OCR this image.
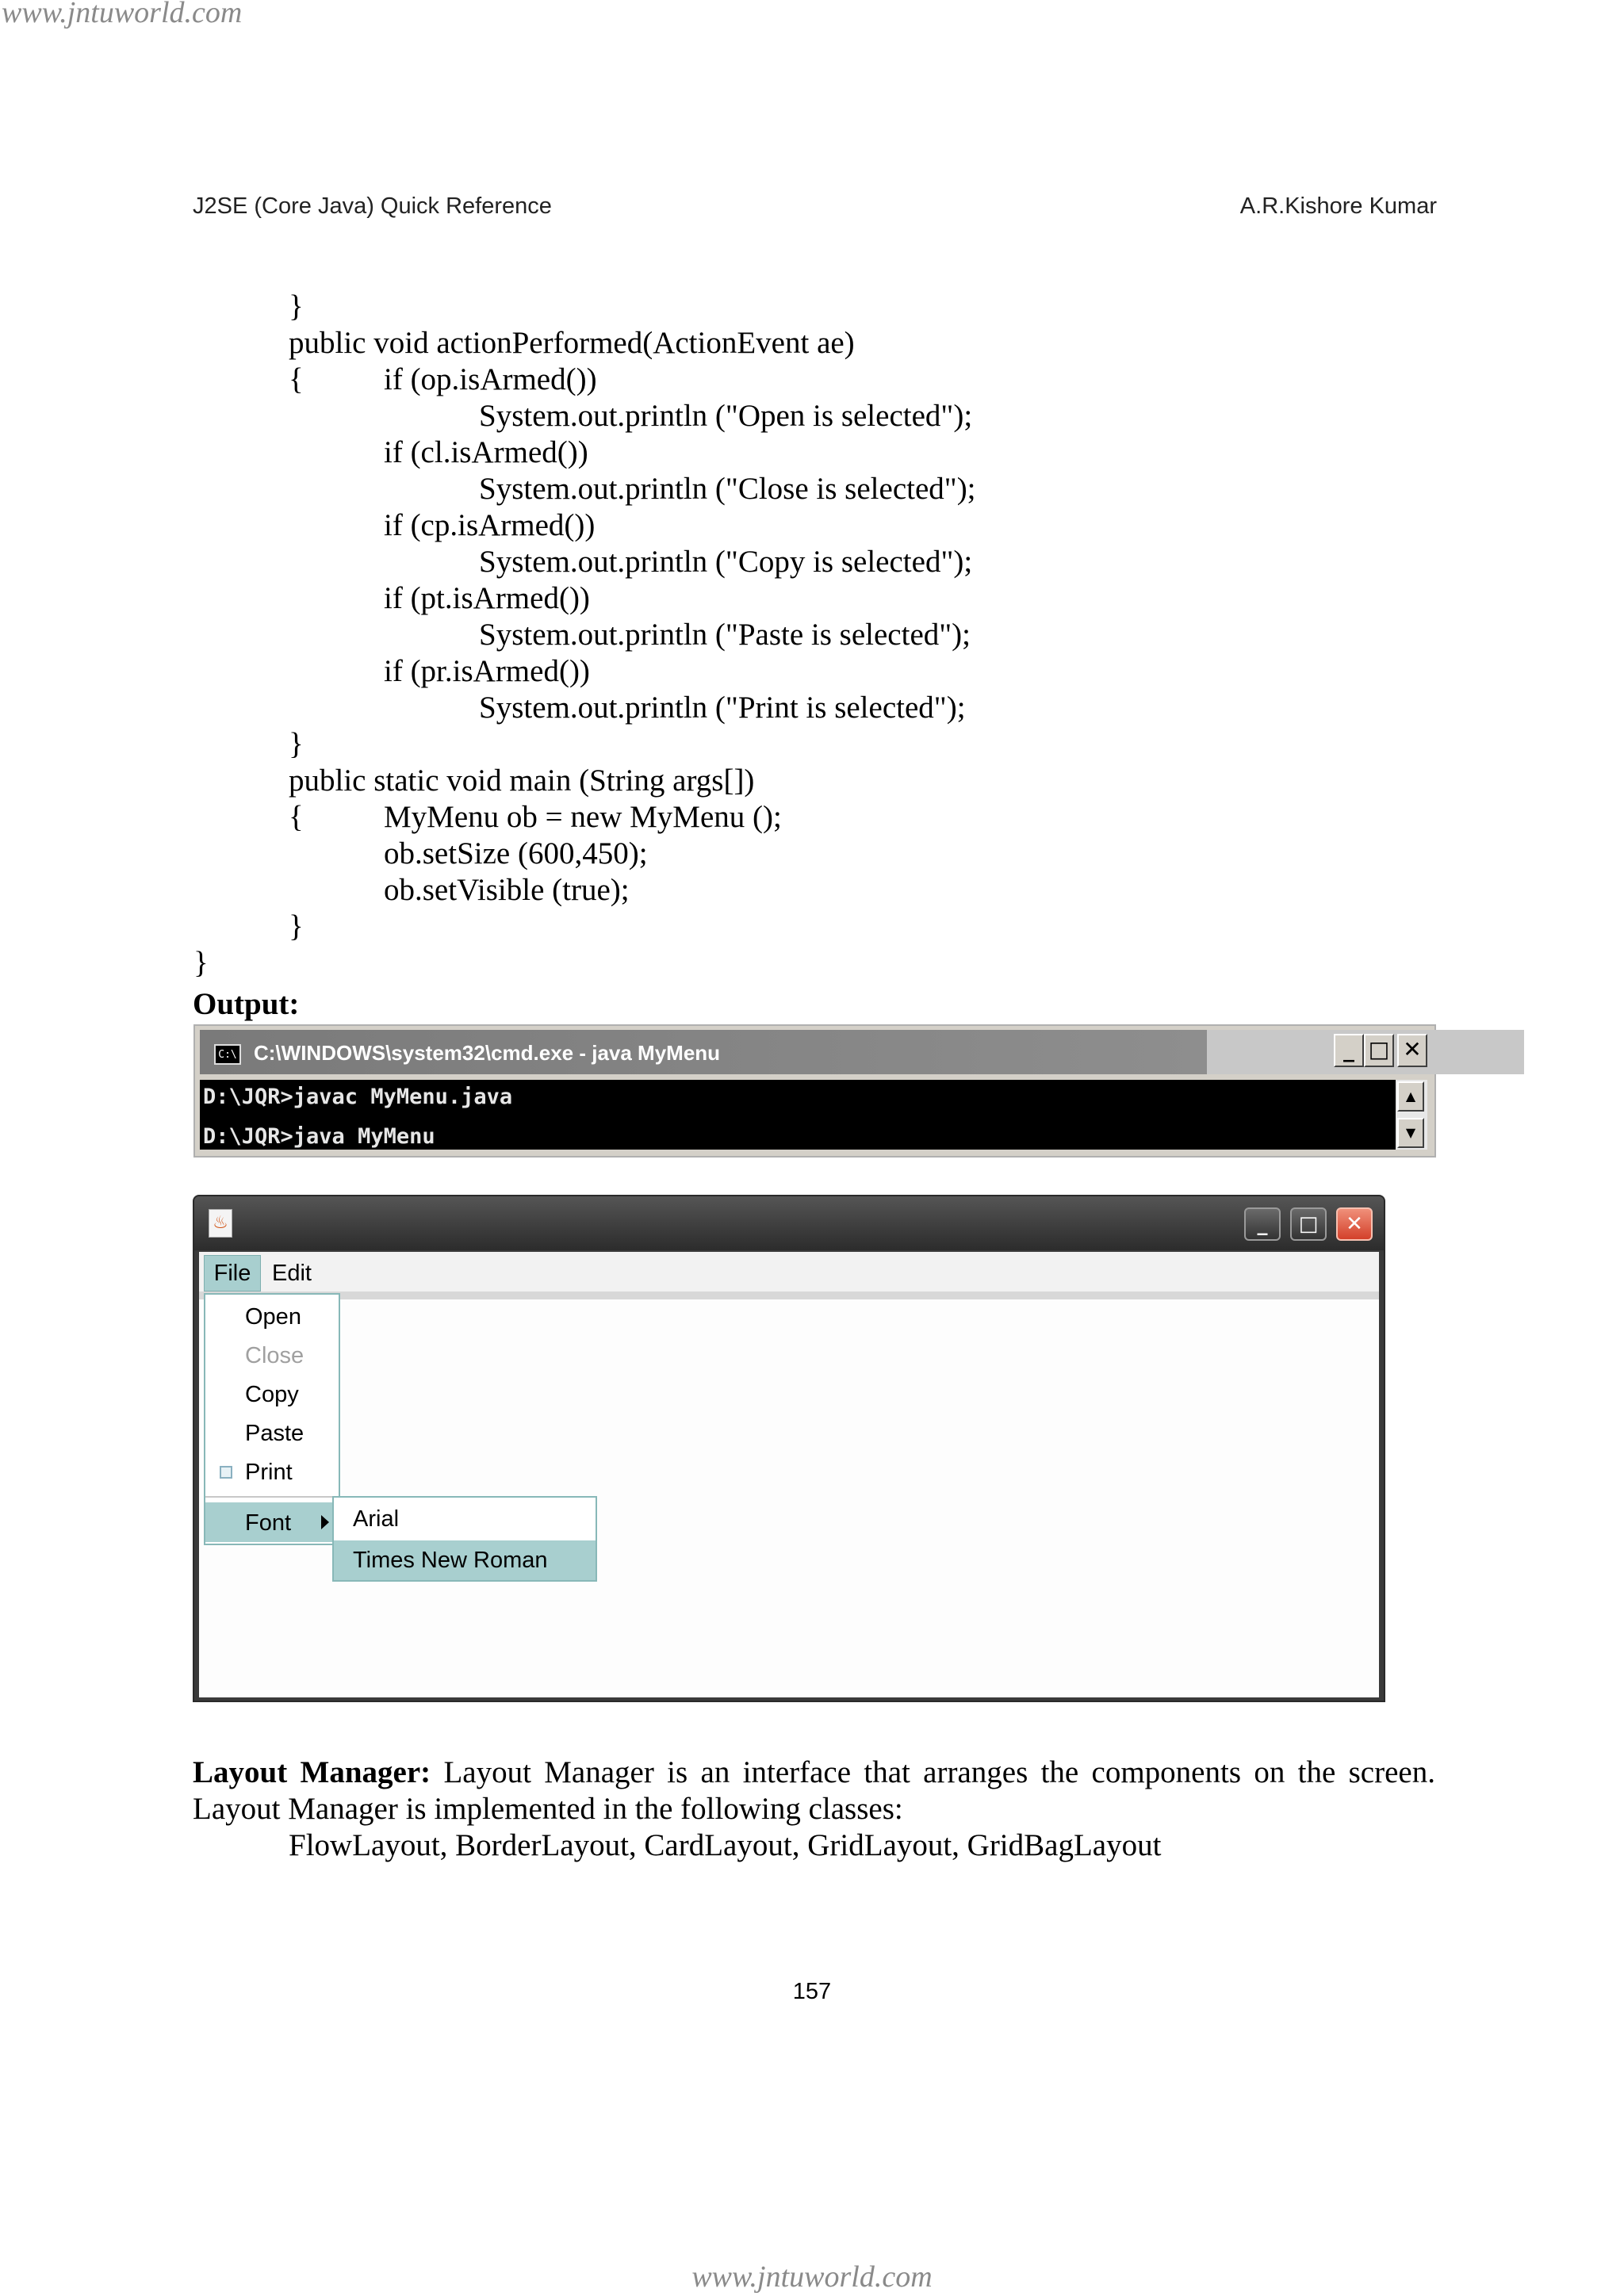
www.jntuworld.com
J2SE (Core Java) Quick Reference	A.R.Kishore Kumar
}
public void actionPerformed(ActionEvent ae)
{	if (op.isArmed())
System.out.println ("Open is selected");
if (cl.isArmed())
System.out.println ("Close is selected");
if (cp.isArmed())
System.out.println ("Copy is selected");
if (pt.isArmed())
System.out.println ("Paste is selected");
if (pr.isArmed())
System.out.println ("Print is selected");
}
public static void main (String args[])
{	MyMenu ob = new MyMenu ();
ob.setSize (600,450);
ob.setVisible (true);
}
}
Output:
C:\ C:\WINDOWS\system32\cmd.exe - java MyMenu	_ □ ✕
D:\JQR>javac MyMenu.java
D:\JQR>java MyMenu
▲
▼
♨	_	□	✕
File Edit
Open
Close
Copy
Paste
Print
Font	Arial
Times New Roman
Layout Manager: Layout Manager is an interface that arranges the components on the screen.
Layout Manager is implemented in the following classes:
FlowLayout, BorderLayout, CardLayout, GridLayout, GridBagLayout
157
www.jntuworld.com
